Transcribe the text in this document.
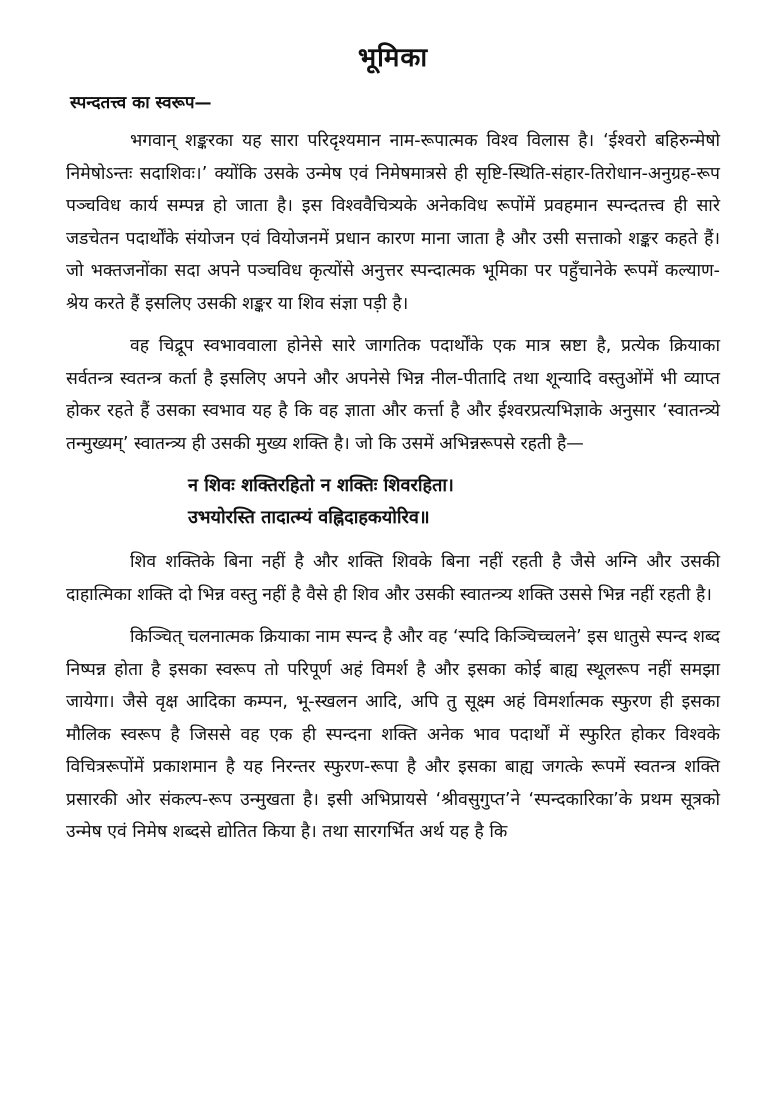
भूमिका
स्पन्दतत्त्व का स्वरूप—

भगवान् शङ्करका यह सारा परिदृश्यमान नाम-रूपात्मक विश्व विलास है। ‘ईश्वरो बहिरुन्मेषो निमेषोऽन्तः सदाशिवः।’ क्योंकि उसके उन्मेष एवं निमेषमात्रसे ही सृष्टि-स्थिति-संहार-तिरोधान-अनुग्रह-रूप पञ्चविध कार्य सम्पन्न हो जाता है। इस विश्ववैचित्र्यके अनेकविध रूपोंमें प्रवहमान स्पन्दतत्त्व ही सारे जडचेतन पदार्थोंके संयोजन एवं वियोजनमें प्रधान कारण माना जाता है और उसी सत्ताको शङ्कर कहते हैं। जो भक्तजनोंका सदा अपने पञ्चविध कृत्योंसे अनुत्तर स्पन्दात्मक भूमिका पर पहुँचानेके रूपमें कल्याण-श्रेय करते हैं इसलिए उसकी शङ्कर या शिव संज्ञा पड़ी है।

वह चिद्रूप स्वभाववाला होनेसे सारे जागतिक पदार्थोंके एक मात्र स्रष्टा है, प्रत्येक क्रियाका सर्वतन्त्र स्वतन्त्र कर्ता है इसलिए अपने और अपनेसे भिन्न नील-पीतादि तथा शून्यादि वस्तुओंमें भी व्याप्त होकर रहते हैं उसका स्वभाव यह है कि वह ज्ञाता और कर्त्ता है और ईश्वरप्रत्यभिज्ञाके अनुसार ‘स्वातन्त्र्ये तन्मुख्यम्’ स्वातन्त्र्य ही उसकी मुख्य शक्ति है। जो कि उसमें अभिन्नरूपसे रहती है—

न शिवः शक्तिरहितो न शक्तिः शिवरहिता।
उभयोरस्ति तादात्म्यं वह्निदाहकयोरिव॥

शिव शक्तिके बिना नहीं है और शक्ति शिवके बिना नहीं रहती है जैसे अग्नि और उसकी दाहात्मिका शक्ति दो भिन्न वस्तु नहीं है वैसे ही शिव और उसकी स्वातन्त्र्य शक्ति उससे भिन्न नहीं रहती है।

किञ्चित् चलनात्मक क्रियाका नाम स्पन्द है और वह ‘स्पदि किञ्चिच्चलने’ इस धातुसे स्पन्द शब्द निष्पन्न होता है इसका स्वरूप तो परिपूर्ण अहं विमर्श है और इसका कोई बाह्य स्थूलरूप नहीं समझा जायेगा। जैसे वृक्ष आदिका कम्पन, भू-स्खलन आदि, अपि तु सूक्ष्म अहं विमर्शात्मक स्फुरण ही इसका मौलिक स्वरूप है जिससे वह एक ही स्पन्दना शक्ति अनेक भाव पदार्थों में स्फुरित होकर विश्वके विचित्ररूपोंमें प्रकाशमान है यह निरन्तर स्फुरण-रूपा है और इसका बाह्य जगत्के रूपमें स्वतन्त्र शक्ति प्रसारकी ओर संकल्प-रूप उन्मुखता है। इसी अभिप्रायसे ‘श्रीवसुगुप्त’ने ‘स्पन्दकारिका’के प्रथम सूत्रको उन्मेष एवं निमेष शब्दसे द्योतित किया है। तथा सारगर्भित अर्थ यह है कि
